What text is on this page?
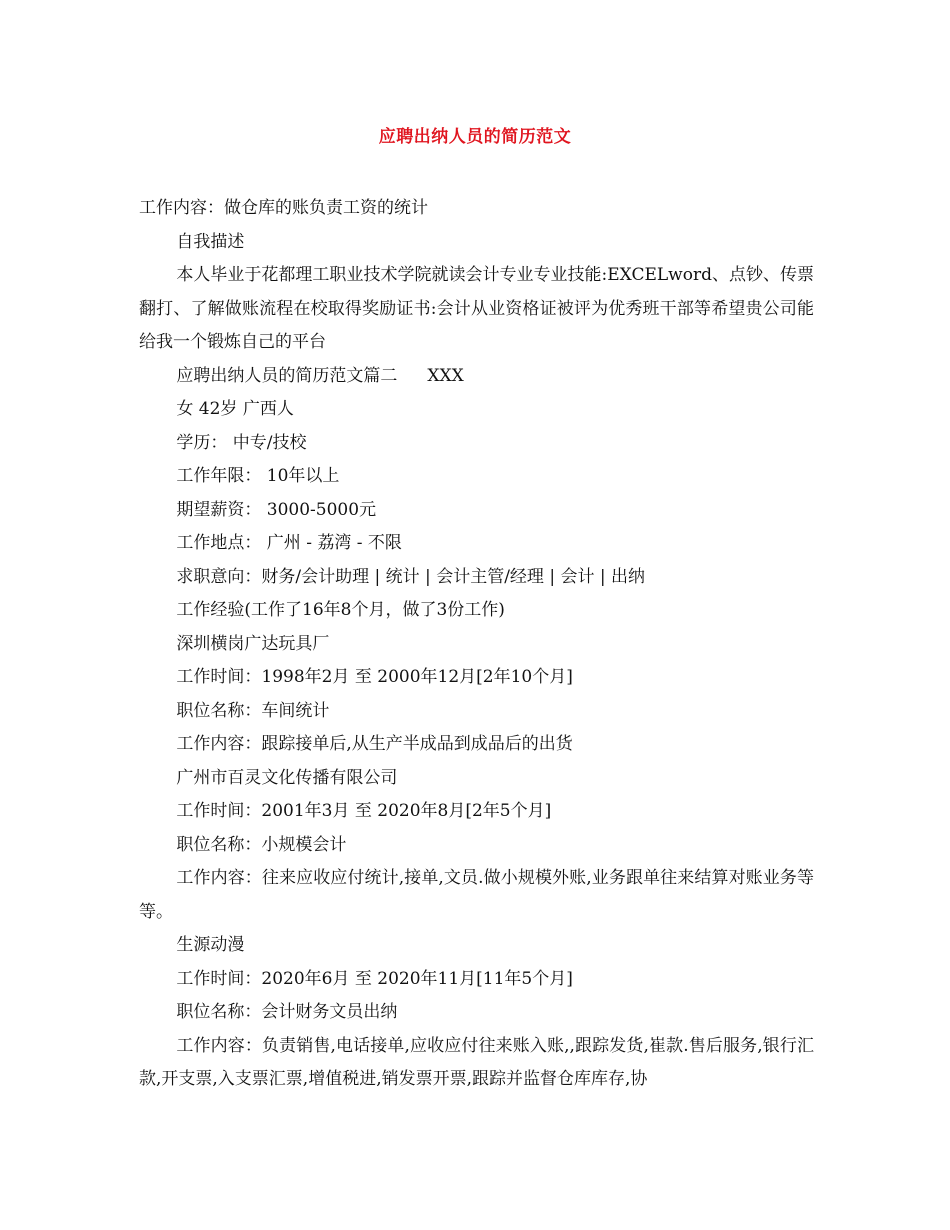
应聘出纳人员的简历范文

工作内容：做仓库的账负责工资的统计

自我描述

本人毕业于花都理工职业技术学院就读会计专业专业技能:EXCELword、点钞、传票翻打、了解做账流程在校取得奖励证书:会计从业资格证被评为优秀班干部等希望贵公司能给我一个锻炼自己的平台

应聘出纳人员的简历范文篇二 XXX

女 42岁 广西人

学历： 中专/技校

工作年限： 10年以上

期望薪资： 3000-5000元

工作地点： 广州 - 荔湾 - 不限

求职意向：财务/会计助理 | 统计 | 会计主管/经理 | 会计 | 出纳

工作经验(工作了16年8个月，做了3份工作)

深圳横岗广达玩具厂

工作时间：1998年2月 至 2000年12月[2年10个月]

职位名称：车间统计

工作内容：跟踪接单后,从生产半成品到成品后的出货

广州市百灵文化传播有限公司

工作时间：2001年3月 至 2020年8月[2年5个月]

职位名称：小规模会计

工作内容：往来应收应付统计,接单,文员.做小规模外账,业务跟单往来结算对账业务等等。

生源动漫

工作时间：2020年6月 至 2020年11月[11年5个月]

职位名称：会计财务文员出纳

工作内容：负责销售,电话接单,应收应付往来账入账,,跟踪发货,崔款.售后服务,银行汇款,开支票,入支票汇票,增值税进,销发票开票,跟踪并监督仓库库存,协
